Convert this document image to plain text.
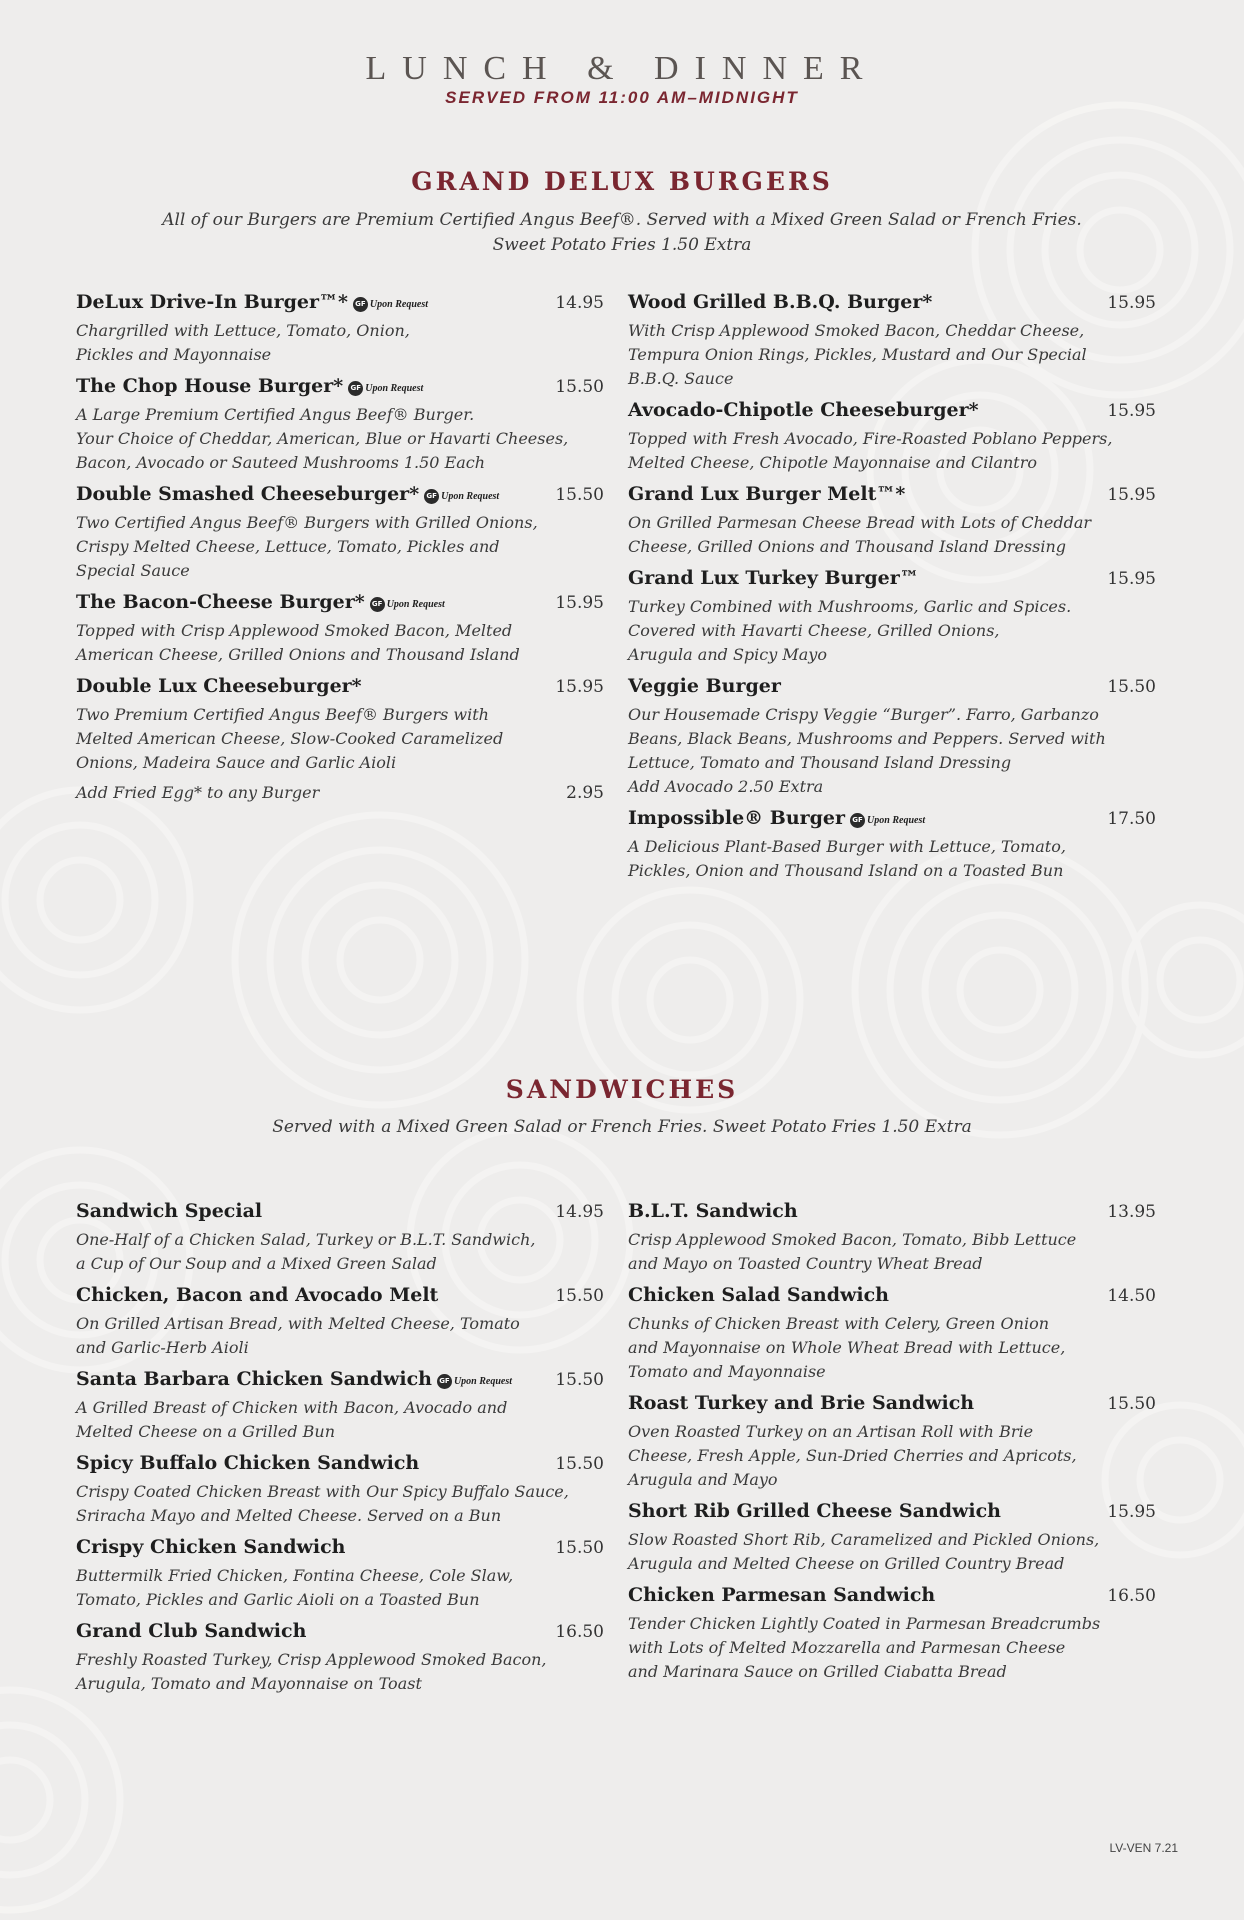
LUNCH & DINNER
SERVED FROM 11:00 AM–MIDNIGHT
GRAND DELUX BURGERS
All of our Burgers are Premium Certified Angus Beef®. Served with a Mixed Green Salad or French Fries.
Sweet Potato Fries 1.50 Extra
DeLux Drive-In Burger™*	GF Upon Request	14.95
Chargrilled with Lettuce, Tomato, Onion,
Pickles and Mayonnaise
The Chop House Burger*	GF Upon Request	15.50
A Large Premium Certified Angus Beef® Burger.
Your Choice of Cheddar, American, Blue or Havarti Cheeses,
Bacon, Avocado or Sauteed Mushrooms 1.50 Each
Double Smashed Cheeseburger*	GF Upon Request	15.50
Two Certified Angus Beef® Burgers with Grilled Onions,
Crispy Melted Cheese, Lettuce, Tomato, Pickles and
Special Sauce
The Bacon-Cheese Burger*	GF Upon Request	15.95
Topped with Crisp Applewood Smoked Bacon, Melted
American Cheese, Grilled Onions and Thousand Island
Double Lux Cheeseburger*	15.95
Two Premium Certified Angus Beef® Burgers with
Melted American Cheese, Slow-Cooked Caramelized
Onions, Madeira Sauce and Garlic Aioli
Add Fried Egg* to any Burger	2.95
Wood Grilled B.B.Q. Burger*	15.95
With Crisp Applewood Smoked Bacon, Cheddar Cheese,
Tempura Onion Rings, Pickles, Mustard and Our Special
B.B.Q. Sauce
Avocado-Chipotle Cheeseburger*	15.95
Topped with Fresh Avocado, Fire-Roasted Poblano Peppers,
Melted Cheese, Chipotle Mayonnaise and Cilantro
Grand Lux Burger Melt™*	15.95
On Grilled Parmesan Cheese Bread with Lots of Cheddar
Cheese, Grilled Onions and Thousand Island Dressing
Grand Lux Turkey Burger™	15.95
Turkey Combined with Mushrooms, Garlic and Spices.
Covered with Havarti Cheese, Grilled Onions,
Arugula and Spicy Mayo
Veggie Burger	15.50
Our Housemade Crispy Veggie “Burger”. Farro, Garbanzo
Beans, Black Beans, Mushrooms and Peppers. Served with
Lettuce, Tomato and Thousand Island Dressing
Add Avocado 2.50 Extra
Impossible® Burger	GF Upon Request	17.50
A Delicious Plant-Based Burger with Lettuce, Tomato,
Pickles, Onion and Thousand Island on a Toasted Bun
SANDWICHES
Served with a Mixed Green Salad or French Fries. Sweet Potato Fries 1.50 Extra
Sandwich Special	14.95
One-Half of a Chicken Salad, Turkey or B.L.T. Sandwich,
a Cup of Our Soup and a Mixed Green Salad
Chicken, Bacon and Avocado Melt	15.50
On Grilled Artisan Bread, with Melted Cheese, Tomato
and Garlic-Herb Aioli
Santa Barbara Chicken Sandwich	GF Upon Request	15.50
A Grilled Breast of Chicken with Bacon, Avocado and
Melted Cheese on a Grilled Bun
Spicy Buffalo Chicken Sandwich	15.50
Crispy Coated Chicken Breast with Our Spicy Buffalo Sauce,
Sriracha Mayo and Melted Cheese. Served on a Bun
Crispy Chicken Sandwich	15.50
Buttermilk Fried Chicken, Fontina Cheese, Cole Slaw,
Tomato, Pickles and Garlic Aioli on a Toasted Bun
Grand Club Sandwich	16.50
Freshly Roasted Turkey, Crisp Applewood Smoked Bacon,
Arugula, Tomato and Mayonnaise on Toast
B.L.T. Sandwich	13.95
Crisp Applewood Smoked Bacon, Tomato, Bibb Lettuce
and Mayo on Toasted Country Wheat Bread
Chicken Salad Sandwich	14.50
Chunks of Chicken Breast with Celery, Green Onion
and Mayonnaise on Whole Wheat Bread with Lettuce,
Tomato and Mayonnaise
Roast Turkey and Brie Sandwich	15.50
Oven Roasted Turkey on an Artisan Roll with Brie
Cheese, Fresh Apple, Sun-Dried Cherries and Apricots,
Arugula and Mayo
Short Rib Grilled Cheese Sandwich	15.95
Slow Roasted Short Rib, Caramelized and Pickled Onions,
Arugula and Melted Cheese on Grilled Country Bread
Chicken Parmesan Sandwich	16.50
Tender Chicken Lightly Coated in Parmesan Breadcrumbs
with Lots of Melted Mozzarella and Parmesan Cheese
and Marinara Sauce on Grilled Ciabatta Bread
LV-VEN 7.21
